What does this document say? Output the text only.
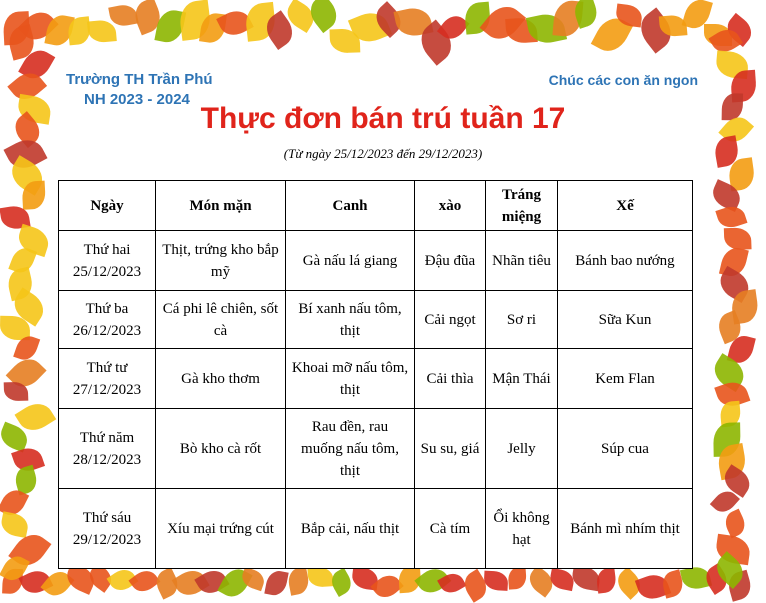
Trường TH Trần Phú
NH 2023 - 2024
Chúc các con ăn ngon
Thực đơn bán trú tuần 17
(Từ ngày 25/12/2023 đến 29/12/2023)
Ngày	Món mặn	Canh	xào	Tráng miệng	Xế

Thứ hai
25/12/2023	Thịt, trứng kho bắp mỹ	Gà nấu lá giang	Đậu đũa	Nhãn tiêu	Bánh bao nướng

Thứ ba
26/12/2023	Cá phi lê chiên, sốt cà	Bí xanh nấu tôm, thịt	Cải ngọt	Sơ ri	Sữa Kun

Thứ tư
27/12/2023	Gà kho thơm	Khoai mỡ nấu tôm, thịt	Cải thìa	Mận Thái	Kem Flan

Thứ năm
28/12/2023	Bò kho cà rốt	Rau đền, rau muống nấu tôm, thịt	Su su, giá	Jelly	Súp cua

Thứ sáu
29/12/2023	Xíu mại trứng cút	Bắp cải, nấu thịt	Cà tím	Ổi không hạt	Bánh mì nhím thịt
